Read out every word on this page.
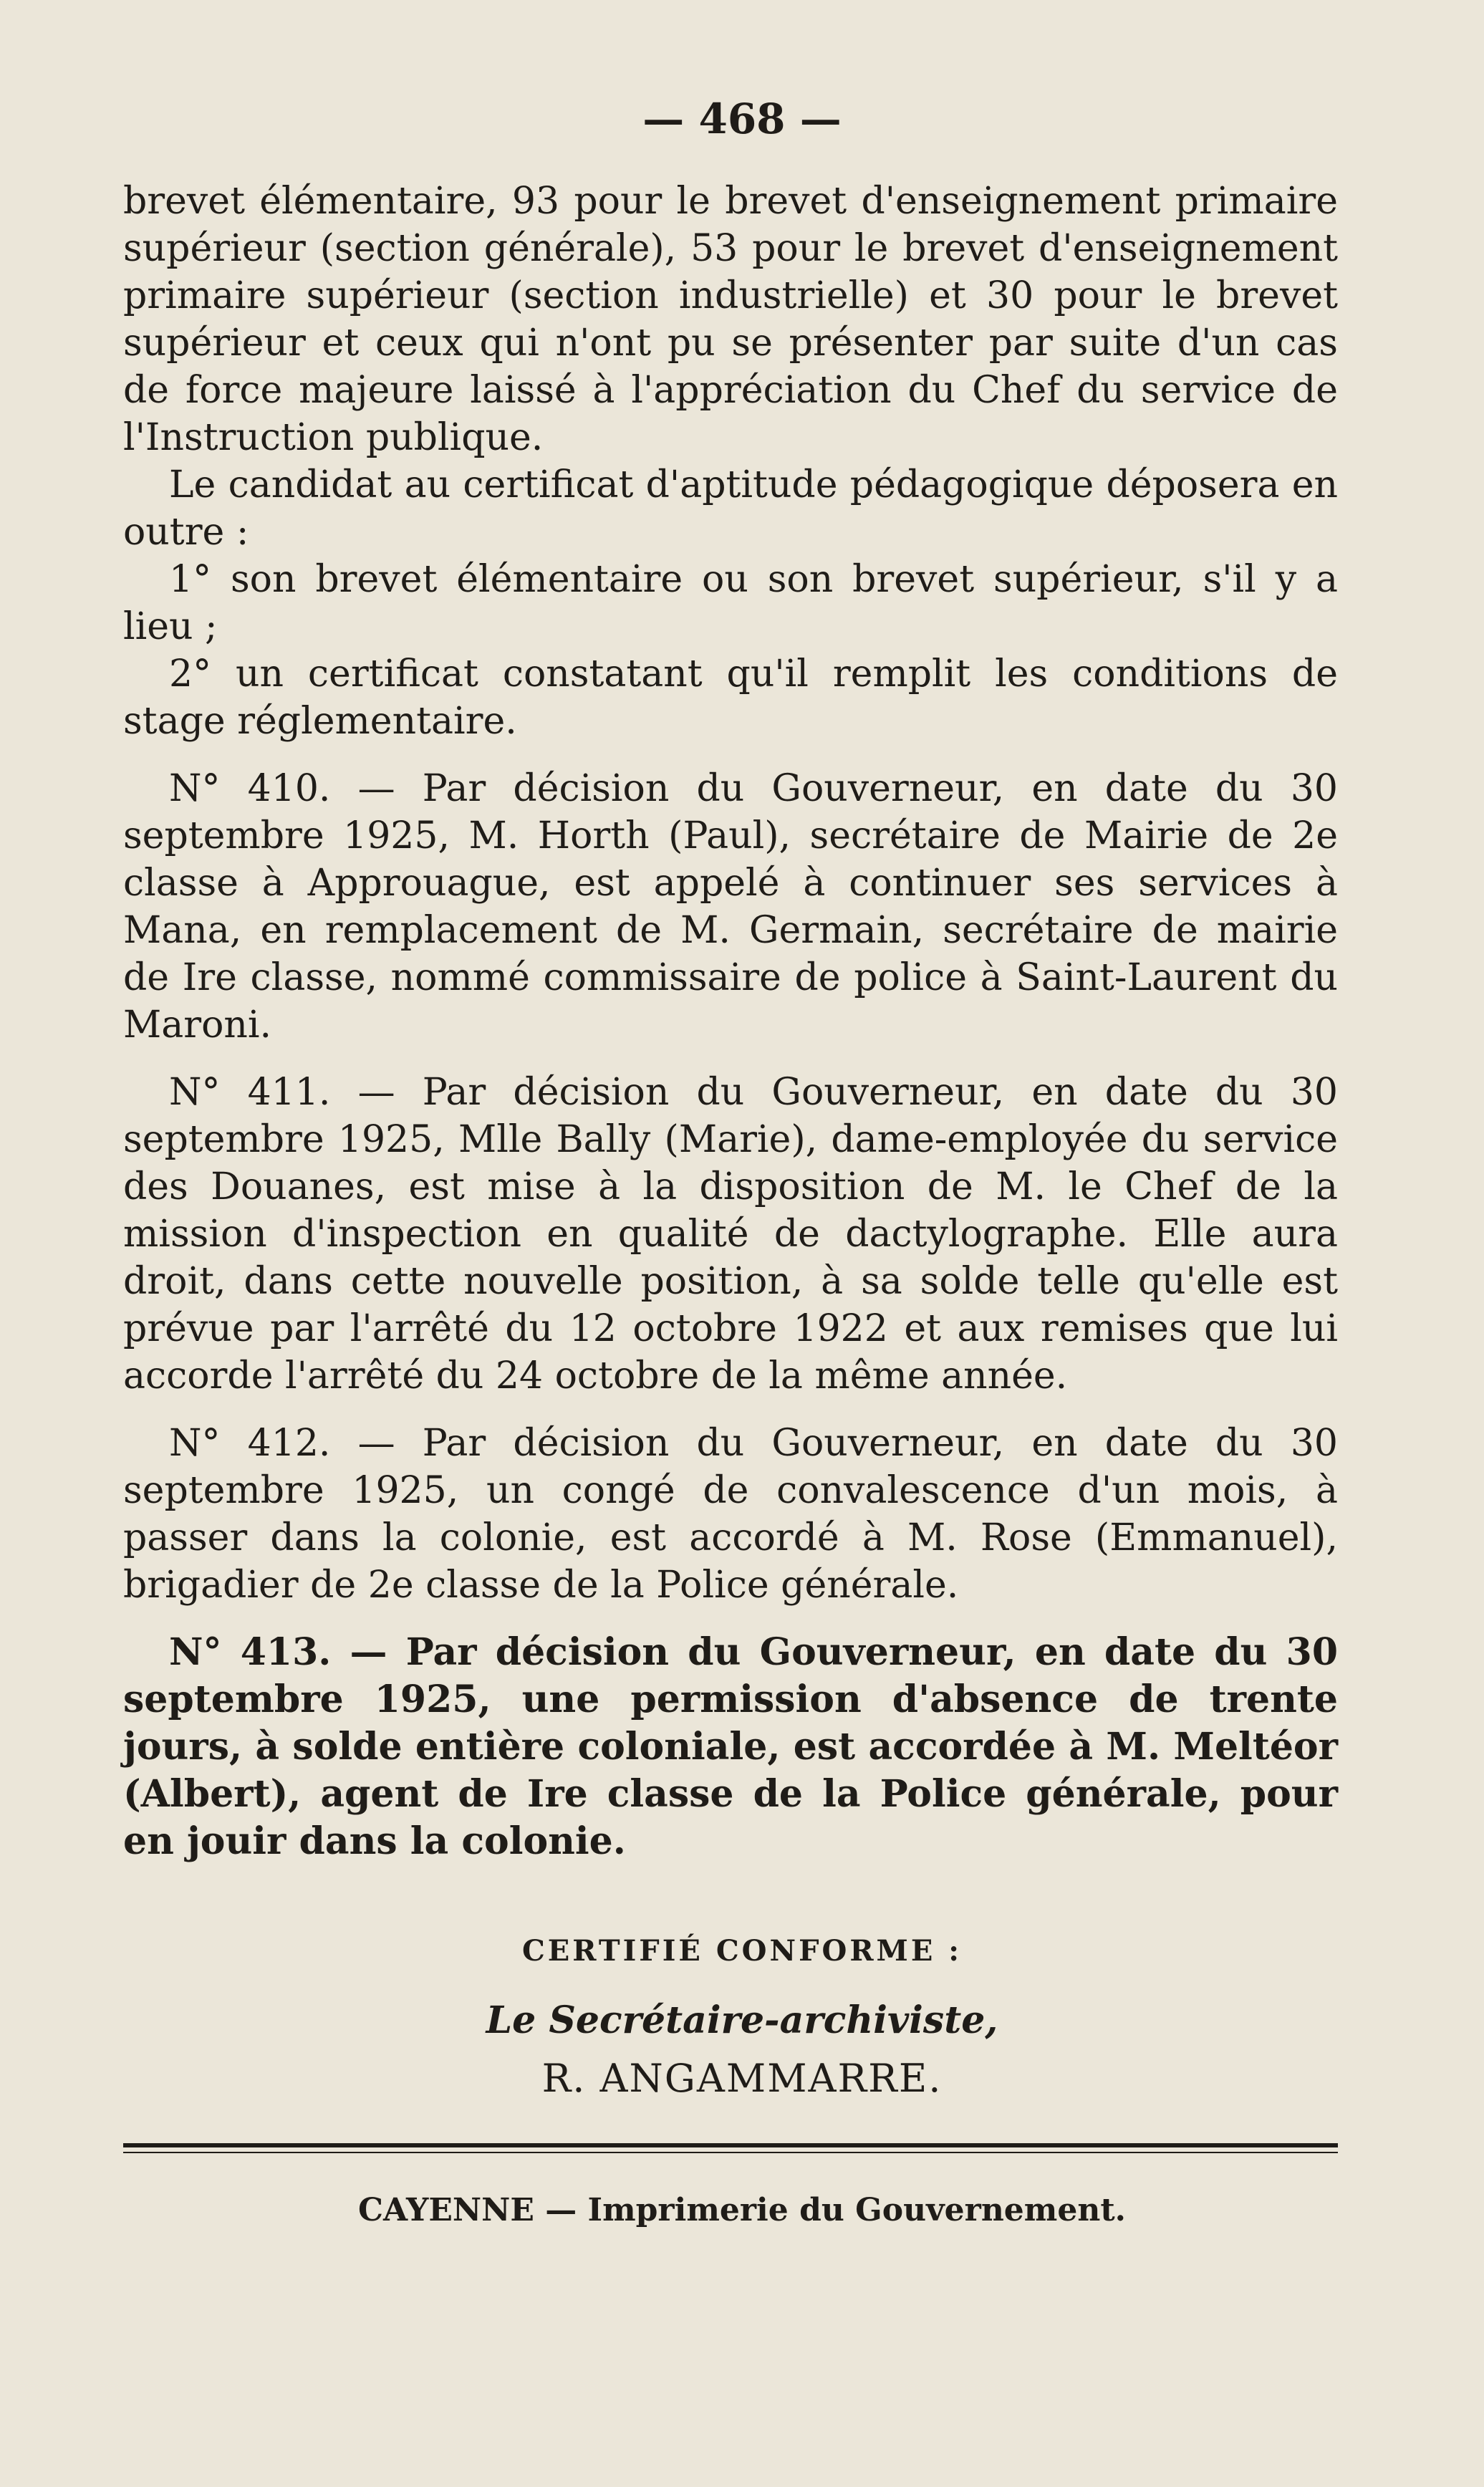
— 468 —

brevet élémentaire, 93 pour le brevet d'enseignement primaire supérieur (section générale), 53 pour le brevet d'enseignement primaire supérieur (section industrielle) et 30 pour le brevet supérieur et ceux qui n'ont pu se présenter par suite d'un cas de force majeure laissé à l'appréciation du Chef du service de l'Instruction publique.

Le candidat au certificat d'aptitude pédagogique déposera en outre :

1° son brevet élémentaire ou son brevet supérieur, s'il y a lieu ;

2° un certificat constatant qu'il remplit les conditions de stage réglementaire.

N° 410. — Par décision du Gouverneur, en date du 30 septembre 1925, M. Horth (Paul), secrétaire de Mairie de 2e classe à Approuague, est appelé à continuer ses services à Mana, en remplacement de M. Germain, secrétaire de mairie de Ire classe, nommé commissaire de police à Saint-Laurent du Maroni.

N° 411. — Par décision du Gouverneur, en date du 30 septembre 1925, Mlle Bally (Marie), dame-employée du service des Douanes, est mise à la disposition de M. le Chef de la mission d'inspection en qualité de dactylographe. Elle aura droit, dans cette nouvelle position, à sa solde telle qu'elle est prévue par l'arrêté du 12 octobre 1922 et aux remises que lui accorde l'arrêté du 24 octobre de la même année.

N° 412. — Par décision du Gouverneur, en date du 30 septembre 1925, un congé de convalescence d'un mois, à passer dans la colonie, est accordé à M. Rose (Emmanuel), brigadier de 2e classe de la Police générale.

N° 413. — Par décision du Gouverneur, en date du 30 septembre 1925, une permission d'absence de trente jours, à solde entière coloniale, est accordée à M. Meltéor (Albert), agent de Ire classe de la Police générale, pour en jouir dans la colonie.

CERTIFIÉ CONFORME :
Le Secrétaire-archiviste,
R. ANGAMMARRE.
CAYENNE — Imprimerie du Gouvernement.
